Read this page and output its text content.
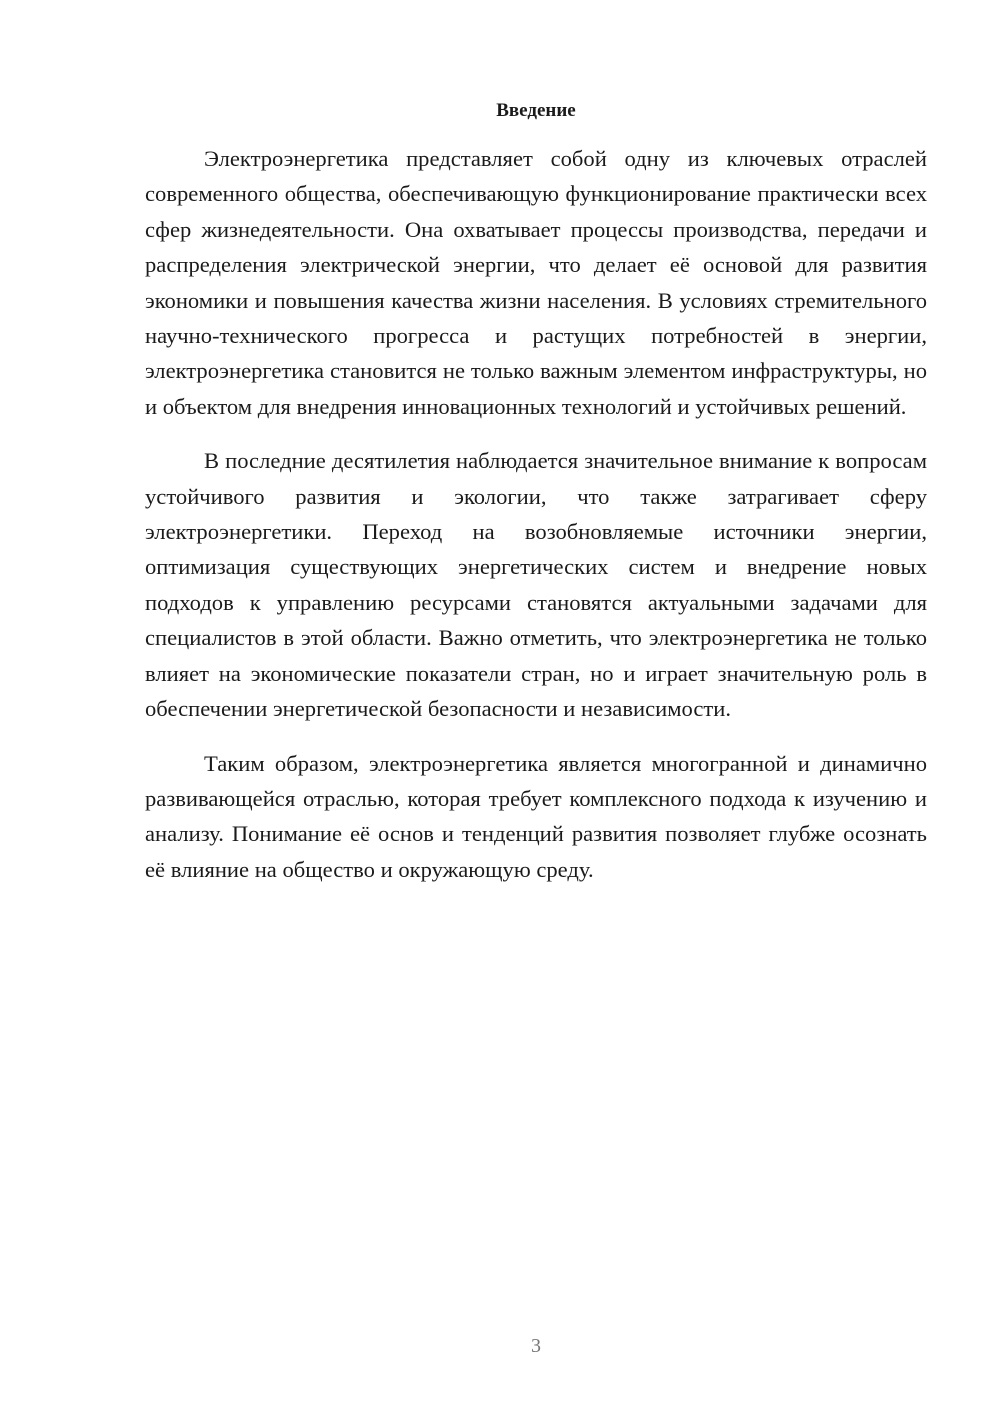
Введение

Электроэнергетика представляет собой одну из ключевых отраслей современного общества, обеспечивающую функционирование практически всех сфер жизнедеятельности. Она охватывает процессы производства, передачи и распределения электрической энергии, что делает её основой для развития экономики и повышения качества жизни населения. В условиях стремительного научно-технического прогресса и растущих потребностей в энергии, электроэнергетика становится не только важным элементом инфраструктуры, но и объектом для внедрения инновационных технологий и устойчивых решений.

В последние десятилетия наблюдается значительное внимание к вопросам устойчивого развития и экологии, что также затрагивает сферу электроэнергетики. Переход на возобновляемые источники энергии, оптимизация существующих энергетических систем и внедрение новых подходов к управлению ресурсами становятся актуальными задачами для специалистов в этой области. Важно отметить, что электроэнергетика не только влияет на экономические показатели стран, но и играет значительную роль в обеспечении энергетической безопасности и независимости.

Таким образом, электроэнергетика является многогранной и динамично развивающейся отраслью, которая требует комплексного подхода к изучению и анализу. Понимание её основ и тенденций развития позволяет глубже осознать её влияние на общество и окружающую среду.

3
